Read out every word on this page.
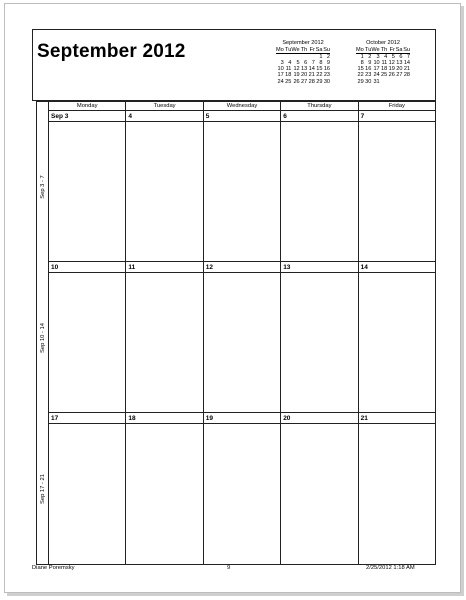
September 2012	September 2012
Mo	Tu	We	Th	Fr	Sa	Su
					1	2
3	4	5	6	7	8	9
10	11	12	13	14	15	16
17	18	19	20	21	22	23
24	25	26	27	28	29	30
October 2012
Mo	Tu	We	Th	Fr	Sa	Su
1	2	3	4	5	6	7
8	9	10	11	12	13	14
15	16	17	18	19	20	21
22	23	24	25	26	27	28
29	30	31				
Monday	Tuesday	Wednesday	Thursday	Friday
Sep 3 - 7
Sep 3	4	5	6	7
Sep 10 - 14
10	11	12	13	14
Sep 17 - 21
17	18	19	20	21
Diane Poremsky	9	2/25/2012 1:18 AM
